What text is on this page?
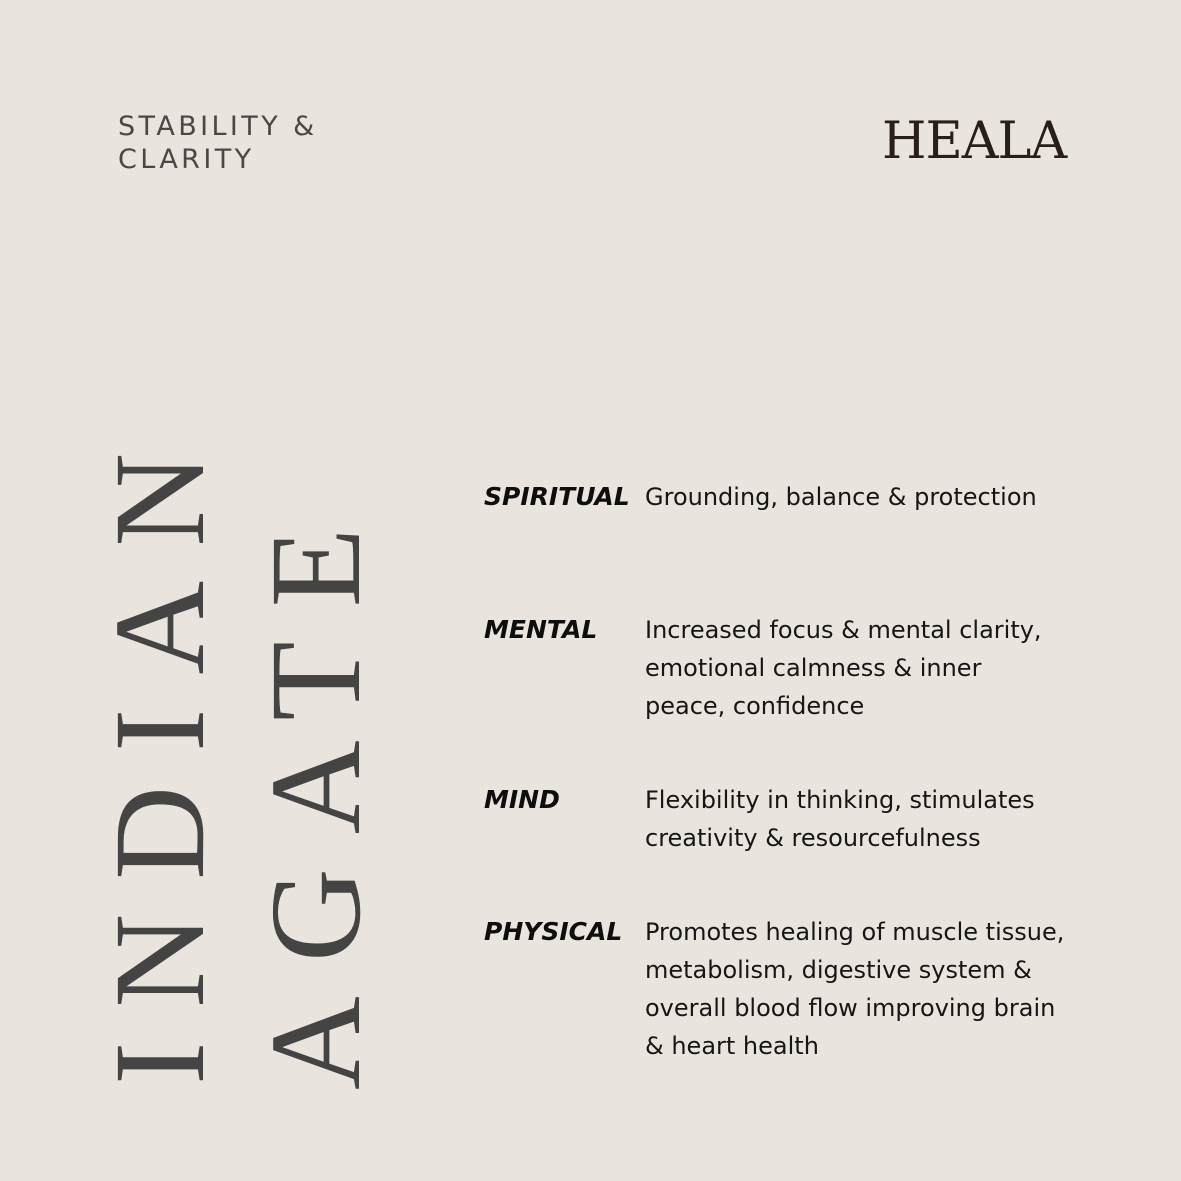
STABILITY &
CLARITY	HEALA
INDIAN AGATE	SPIRITUAL Grounding, balance & protection
MENTAL Increased focus & mental clarity, emotional calmness & inner peace, confidence
MIND	Flexibility in thinking, stimulates creativity & resourcefulness
PHYSICAL Promotes healing of muscle tissue, metabolism, digestive system & overall blood flow improving brain & heart health
